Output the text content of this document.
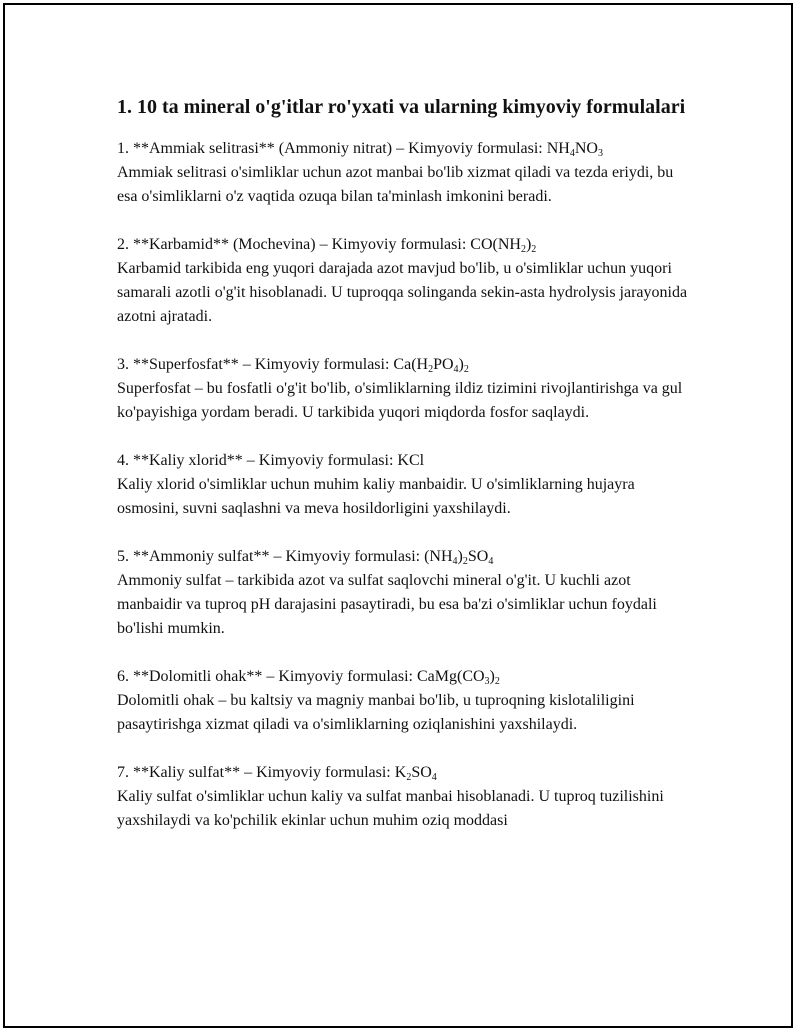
1. 10 ta mineral o'g'itlar ro'yxati va ularning kimyoviy formulalari

1. **Ammiak selitrasi** (Ammoniy nitrat) – Kimyoviy formulasi: $NH_4NO_3$

Ammiak selitrasi o'simliklar uchun azot manbai bo'lib xizmat qiladi va tezda eriydi, bu esa o'simliklarni o'z vaqtida ozuqa bilan ta'minlash imkonini beradi.

2. **Karbamid** (Mochevina) – Kimyoviy formulasi: $CO(NH_2)_2$

Karbamid tarkibida eng yuqori darajada azot mavjud bo'lib, u o'simliklar uchun yuqori samarali azotli o'g'it hisoblanadi. U tuproqqa solinganda sekin-asta hydrolysis jarayonida azotni ajratadi.

3. **Superfosfat** – Kimyoviy formulasi: $Ca(H_2PO_4)_2$

Superfosfat – bu fosfatli o'g'it bo'lib, o'simliklarning ildiz tizimini rivojlantirishga va gul ko'payishiga yordam beradi. U tarkibida yuqori miqdorda fosfor saqlaydi.

4. **Kaliy xlorid** – Kimyoviy formulasi: KCl

Kaliy xlorid o'simliklar uchun muhim kaliy manbaidir. U o'simliklarning hujayra osmosini, suvni saqlashni va meva hosildorligini yaxshilaydi.

5. **Ammoniy sulfat** – Kimyoviy formulasi: $(NH_4)_2SO_4$

Ammoniy sulfat – tarkibida azot va sulfat saqlovchi mineral o'g'it. U kuchli azot manbaidir va tuproq pH darajasini pasaytiradi, bu esa ba'zi o'simliklar uchun foydali bo'lishi mumkin.

6. **Dolomitli ohak** – Kimyoviy formulasi: $CaMg(CO_3)_2$

Dolomitli ohak – bu kaltsiy va magniy manbai bo'lib, u tuproqning kislotaliligini pasaytirishga xizmat qiladi va o'simliklarning oziqlanishini yaxshilaydi.

7. **Kaliy sulfat** – Kimyoviy formulasi: $K_2SO_4$

Kaliy sulfat o'simliklar uchun kaliy va sulfat manbai hisoblanadi. U tuproq tuzilishini yaxshilaydi va ko'pchilik ekinlar uchun muhim oziq moddasi
